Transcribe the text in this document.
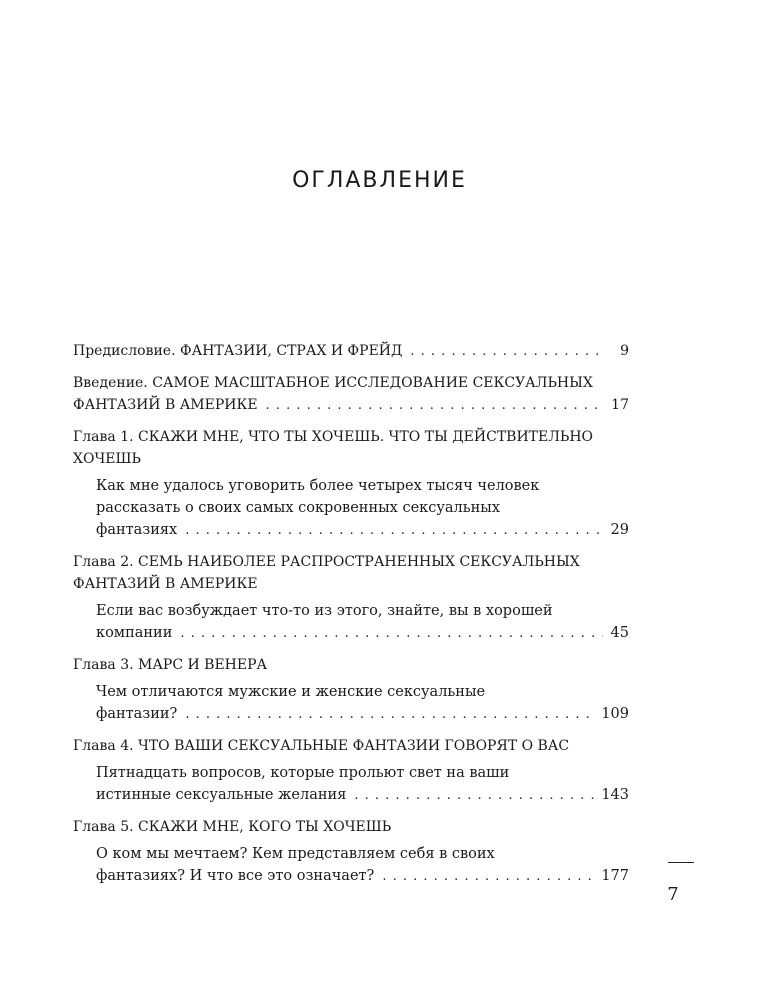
ОГЛАВЛЕНИЕ
Предисловие. ФАНТАЗИИ, СТРАХ И ФРЕЙД . . .	9
Введение. САМОЕ МАСШТАБНОЕ ИССЛЕДОВАНИЕ СЕКСУАЛЬНЫХ
ФАНТАЗИЙ В АМЕРИКЕ . . .	17
Глава 1. СКАЖИ МНЕ, ЧТО ТЫ ХОЧЕШЬ. ЧТО ТЫ ДЕЙСТВИТЕЛЬНО
ХОЧЕШЬ
Как мне удалось уговорить более четырех тысяч человек
рассказать о своих самых сокровенных сексуальных
фантазиях . . .	29
Глава 2. СЕМЬ НАИБОЛЕЕ РАСПРОСТРАНЕННЫХ СЕКСУАЛЬНЫХ
ФАНТАЗИЙ В АМЕРИКЕ
Если вас возбуждает что-то из этого, знайте, вы в хорошей
компании . . .	45
Глава 3. МАРС И ВЕНЕРА
Чем отличаются мужские и женские сексуальные
фантазии? . . .	109
Глава 4. ЧТО ВАШИ СЕКСУАЛЬНЫЕ ФАНТАЗИИ ГОВОРЯТ О ВАС
Пятнадцать вопросов, которые прольют свет на ваши
истинные сексуальные желания . . .	143
Глава 5. СКАЖИ МНЕ, КОГО ТЫ ХОЧЕШЬ
О ком мы мечтаем? Кем представляем себя в своих
фантазиях? И что все это означает? . . .	177
7
